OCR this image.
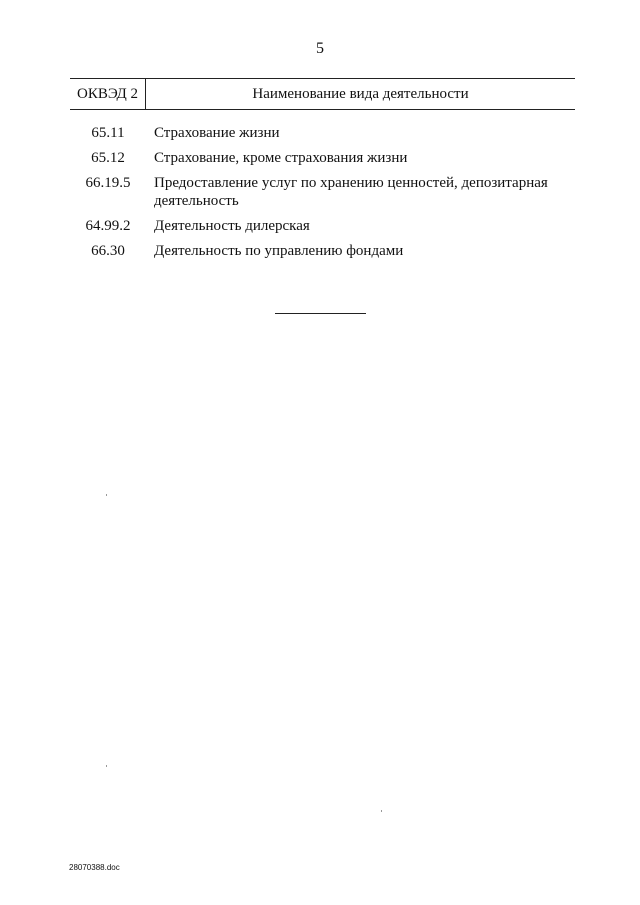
5
ОКВЭД 2	Наименование вида деятельности
65.11	Страхование жизни
65.12	Страхование, кроме страхования жизни
66.19.5	Предоставление услуг по хранению ценностей, депозитарная деятельность
64.99.2	Деятельность дилерская
66.30	Деятельность по управлению фондами
28070388.doc
